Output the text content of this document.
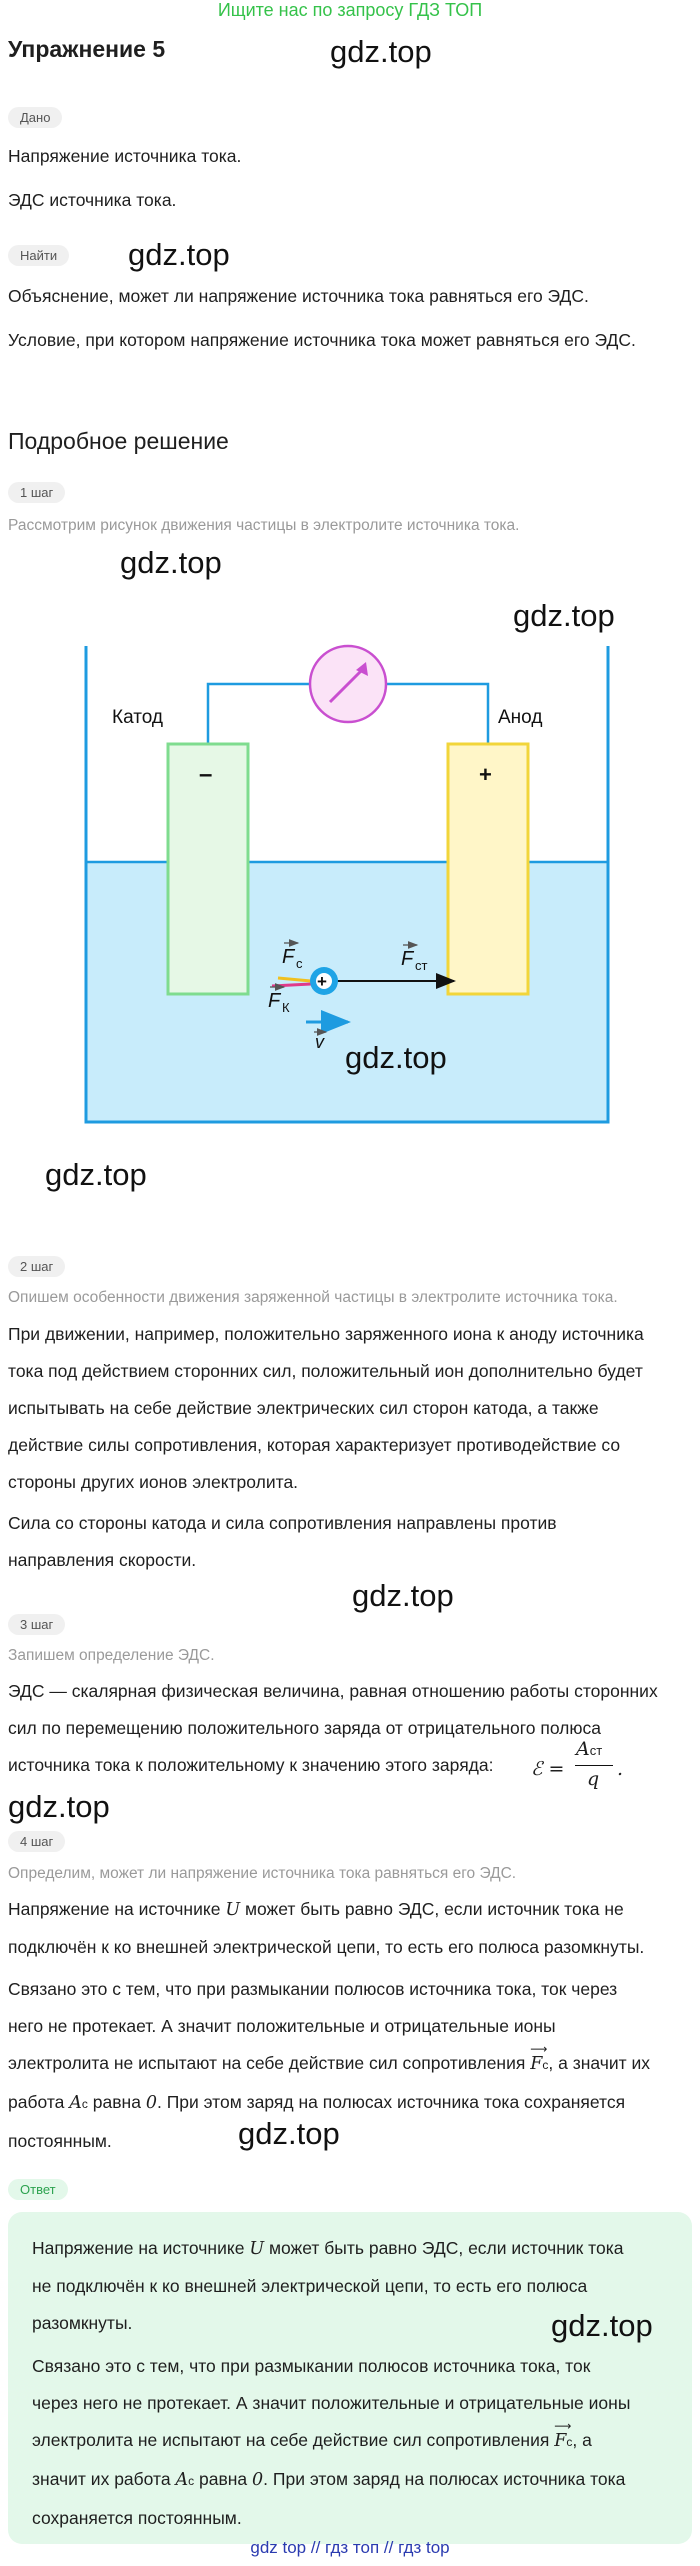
Ищите нас по запросу ГДЗ ТОП
Упражнение 5	gdz.top
Дано
Напряжение источника тока.
ЭДС источника тока.
Найти	gdz.top
Объяснение, может ли напряжение источника тока равняться его ЭДС.
Условие, при котором напряжение источника тока может равняться его ЭДС.
Подробное решение
1 шаг
Рассмотрим рисунок движения частицы в электролите источника тока.
gdz.top
gdz.top
Катод	Анод
–	+
+
F с
F К
F ст
v gdz.top
gdz.top
2 шаг
Опишем особенности движения заряженной частицы в электролите источника тока.
При движении, например, положительно заряженного иона к аноду источника
тока под действием сторонних сил, положительный ион дополнительно будет
испытывать на себе действие электрических сил сторон катода, а также
действие силы сопротивления, которая характеризует противодействие со
стороны других ионов электролита.
Сила со стороны катода и сила сопротивления направлены против
направления скорости.
gdz.top
3 шаг
Запишем определение ЭДС.
ЭДС — скалярная физическая величина, равная отношению работы сторонних
сил по перемещению положительного заряда от отрицательного полюса
источника тока к положительному к значению этого заряда:	ℰ =
Aст
q .
gdz.top
4 шаг
Определим, может ли напряжение источника тока равняться его ЭДС.
Напряжение на источнике U может быть равно ЭДС, если источник тока не
подключён к ко внешней электрической цепи, то есть его полюса разомкнуты.
Связано это с тем, что при размыкании полюсов источника тока, ток через
него не протекает. А значит положительные и отрицательные ионы
электролита не испытают на себе действие сил сопротивления
⟶
Fc, а значит их
работа Ac равна 0. При этом заряд на полюсах источника тока сохраняется
постоянным.	gdz.top
Ответ
Напряжение на источнике U может быть равно ЭДС, если источник тока
не подключён к ко внешней электрической цепи, то есть его полюса
разомкнуты.
Связано это с тем, что при размыкании полюсов источника тока, ток
через него не протекает. А значит положительные и отрицательные ионы
электролита не испытают на себе действие сил сопротивления
⟶
Fc, а
значит их работа Ac равна 0. При этом заряд на полюсах источника тока
сохраняется постоянным.
gdz.top
gdz top // гдз топ // гдз top
